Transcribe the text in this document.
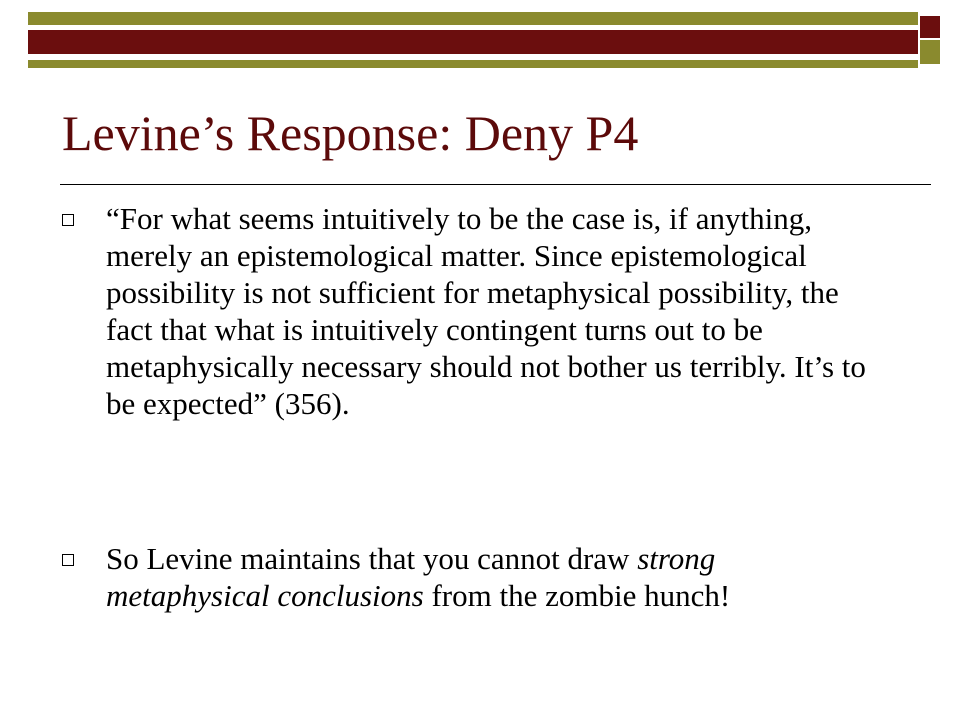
Levine’s Response: Deny P4

“For what seems intuitively to be the case is, if anything, merely an epistemological matter. Since epistemological possibility is not sufficient for metaphysical possibility, the fact that what is intuitively contingent turns out to be metaphysically necessary should not bother us terribly. It’s to be expected” (356).

So Levine maintains that you cannot draw strong metaphysical conclusions from the zombie hunch!
